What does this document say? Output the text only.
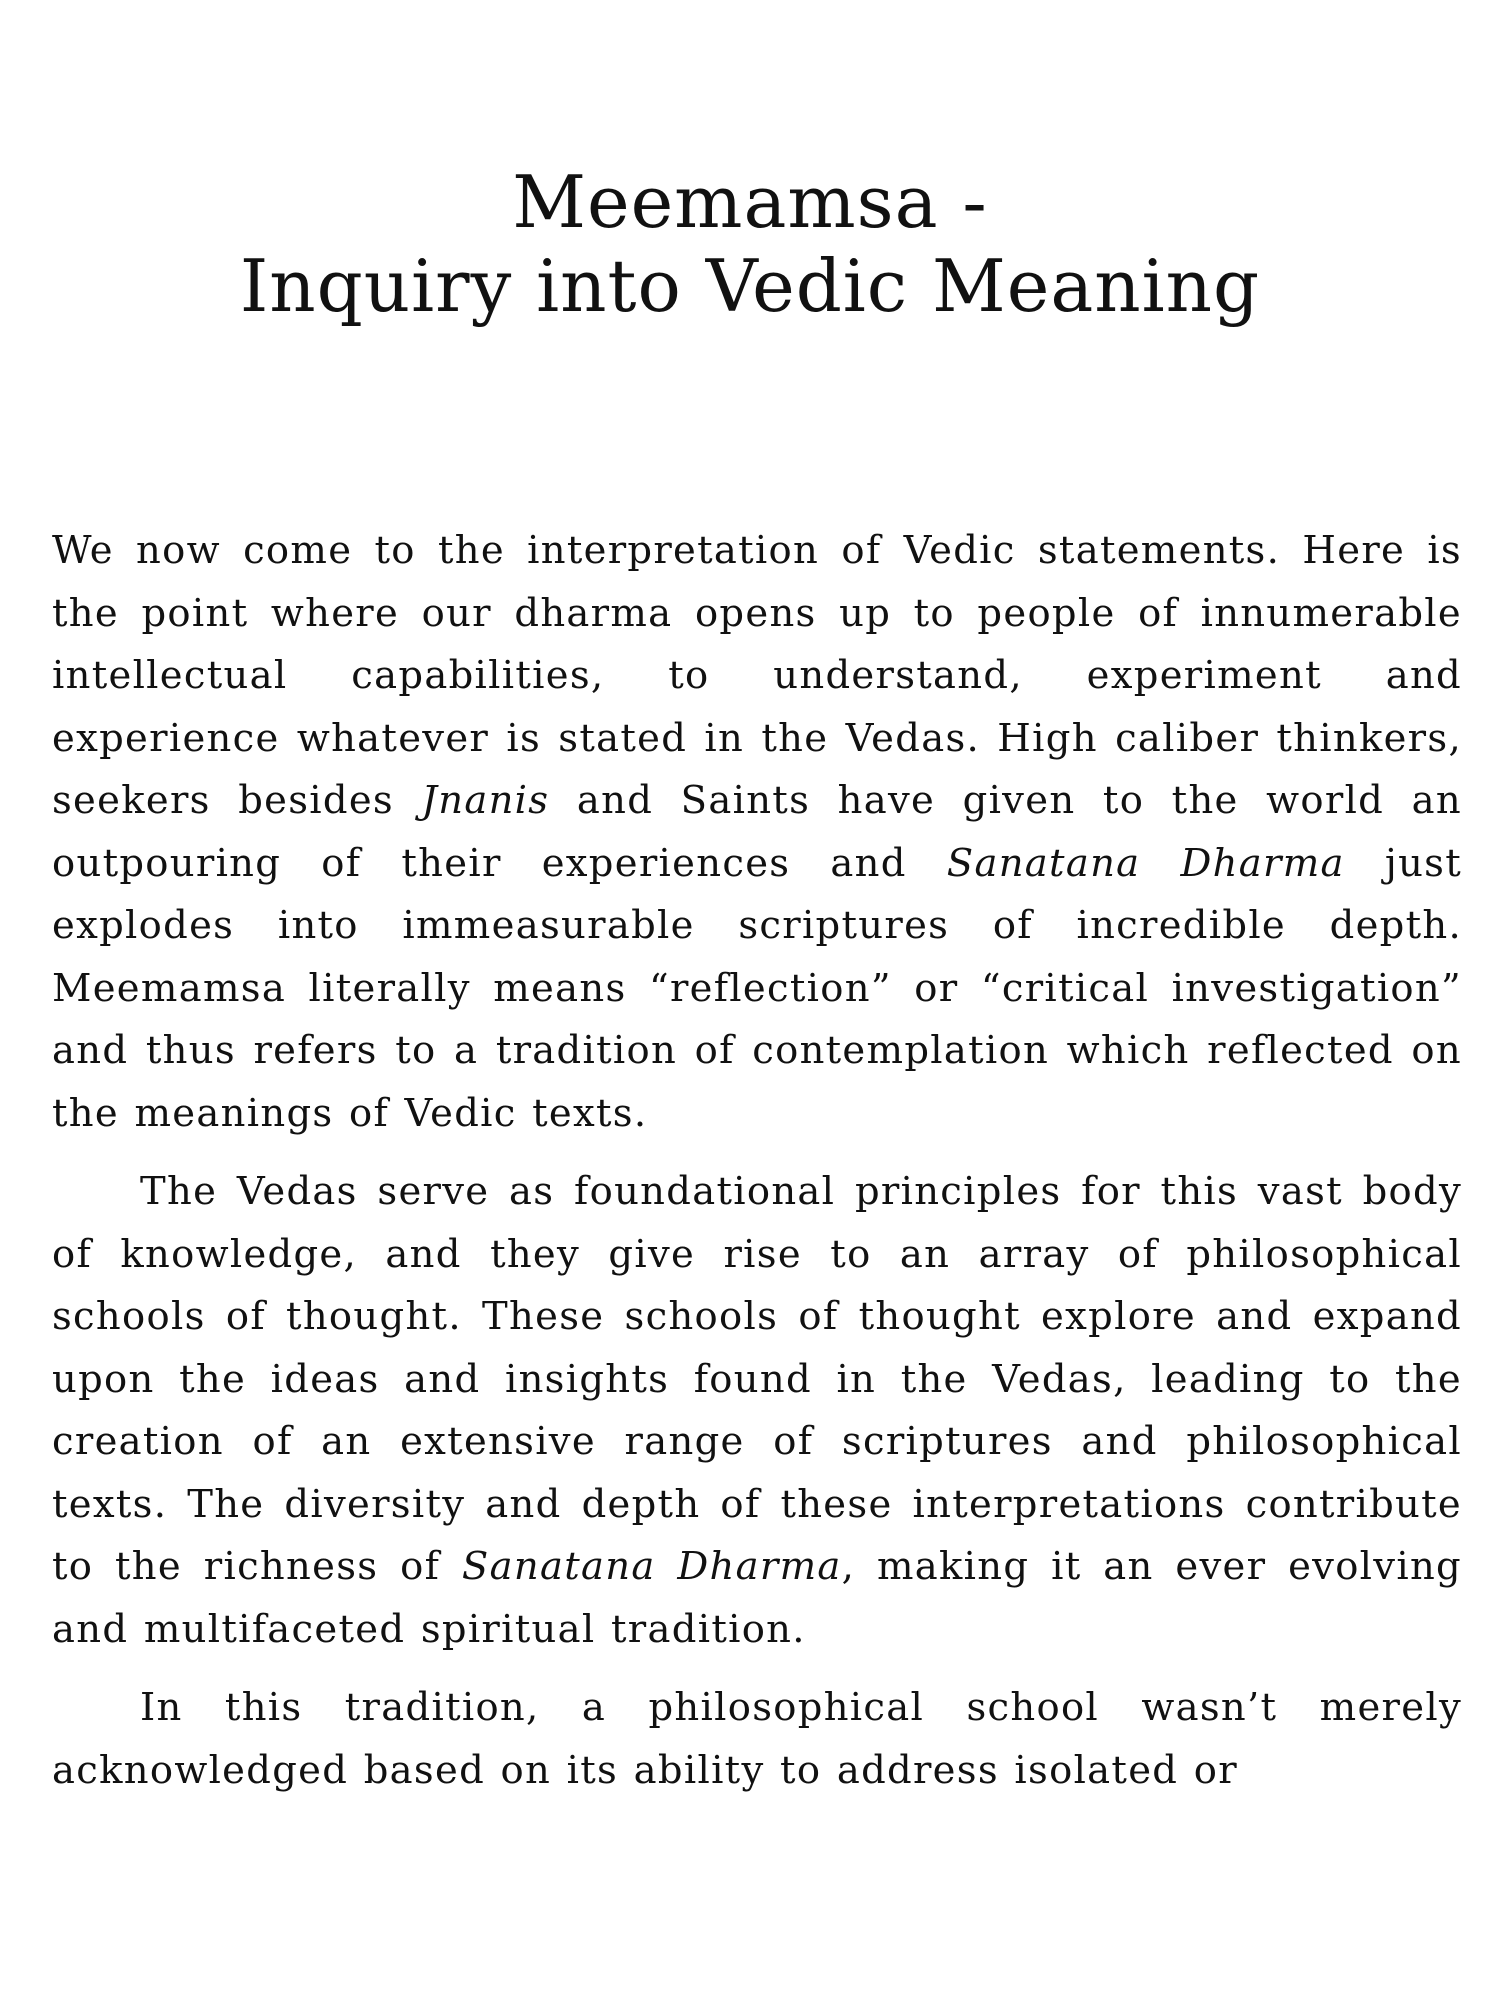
Meemamsa -
Inquiry into Vedic Meaning

We now come to the interpretation of Vedic statements. Here is the point where our dharma opens up to people of innumerable intellectual capabilities, to understand, experiment and experience whatever is stated in the Vedas. High caliber thinkers, seekers besides Jnanis and Saints have given to the world an outpouring of their experiences and Sanatana Dharma just explodes into immeasurable scriptures of incredible depth. Meemamsa literally means “reflection” or “critical investigation” and thus refers to a tradition of contemplation which reflected on the meanings of Vedic texts.

The Vedas serve as foundational principles for this vast body of knowledge, and they give rise to an array of philosophical schools of thought. These schools of thought explore and expand upon the ideas and insights found in the Vedas, leading to the creation of an extensive range of scriptures and philosophical texts. The diversity and depth of these interpretations contribute to the richness of Sanatana Dharma, making it an ever evolving and multifaceted spiritual tradition.

In this tradition, a philosophical school wasn’t merely acknowledged based on its ability to address isolated or
